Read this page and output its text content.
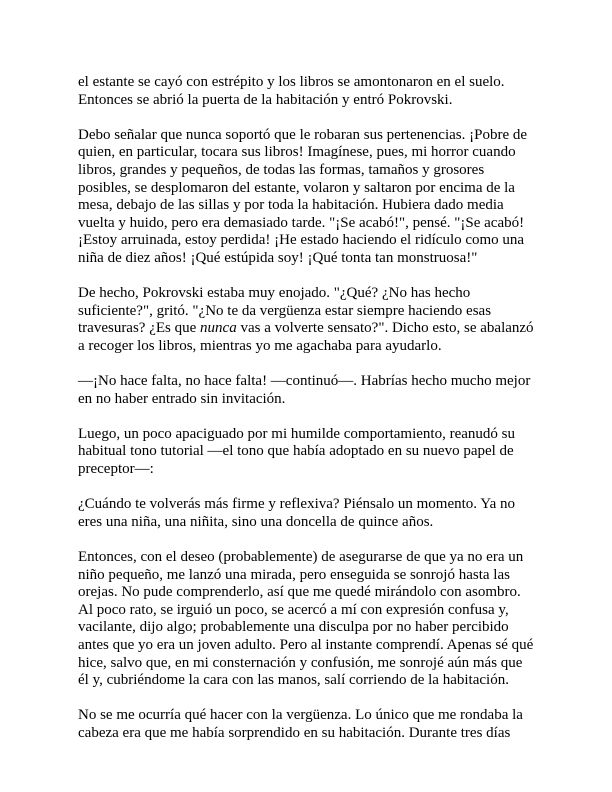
el estante se cayó con estrépito y los libros se amontonaron en el suelo.
Entonces se abrió la puerta de la habitación y entró Pokrovski.

Debo señalar que nunca soportó que le robaran sus pertenencias. ¡Pobre de
quien, en particular, tocara sus libros! Imagínese, pues, mi horror cuando
libros, grandes y pequeños, de todas las formas, tamaños y grosores
posibles, se desplomaron del estante, volaron y saltaron por encima de la
mesa, debajo de las sillas y por toda la habitación. Hubiera dado media
vuelta y huido, pero era demasiado tarde. "¡Se acabó!", pensé. "¡Se acabó!
¡Estoy arruinada, estoy perdida! ¡He estado haciendo el ridículo como una
niña de diez años! ¡Qué estúpida soy! ¡Qué tonta tan monstruosa!"

De hecho, Pokrovski estaba muy enojado. "¿Qué? ¿No has hecho
suficiente?", gritó. "¿No te da vergüenza estar siempre haciendo esas
travesuras? ¿Es que nunca vas a volverte sensato?". Dicho esto, se abalanzó
a recoger los libros, mientras yo me agachaba para ayudarlo.

—¡No hace falta, no hace falta! —continuó—. Habrías hecho mucho mejor
en no haber entrado sin invitación.

Luego, un poco apaciguado por mi humilde comportamiento, reanudó su
habitual tono tutorial —el tono que había adoptado en su nuevo papel de
preceptor—:

¿Cuándo te volverás más firme y reflexiva? Piénsalo un momento. Ya no
eres una niña, una niñita, sino una doncella de quince años.

Entonces, con el deseo (probablemente) de asegurarse de que ya no era un
niño pequeño, me lanzó una mirada, pero enseguida se sonrojó hasta las
orejas. No pude comprenderlo, así que me quedé mirándolo con asombro.
Al poco rato, se irguió un poco, se acercó a mí con expresión confusa y,
vacilante, dijo algo; probablemente una disculpa por no haber percibido
antes que yo era un joven adulto. Pero al instante comprendí. Apenas sé qué
hice, salvo que, en mi consternación y confusión, me sonrojé aún más que
él y, cubriéndome la cara con las manos, salí corriendo de la habitación.

No se me ocurría qué hacer con la vergüenza. Lo único que me rondaba la
cabeza era que me había sorprendido en su habitación. Durante tres días
